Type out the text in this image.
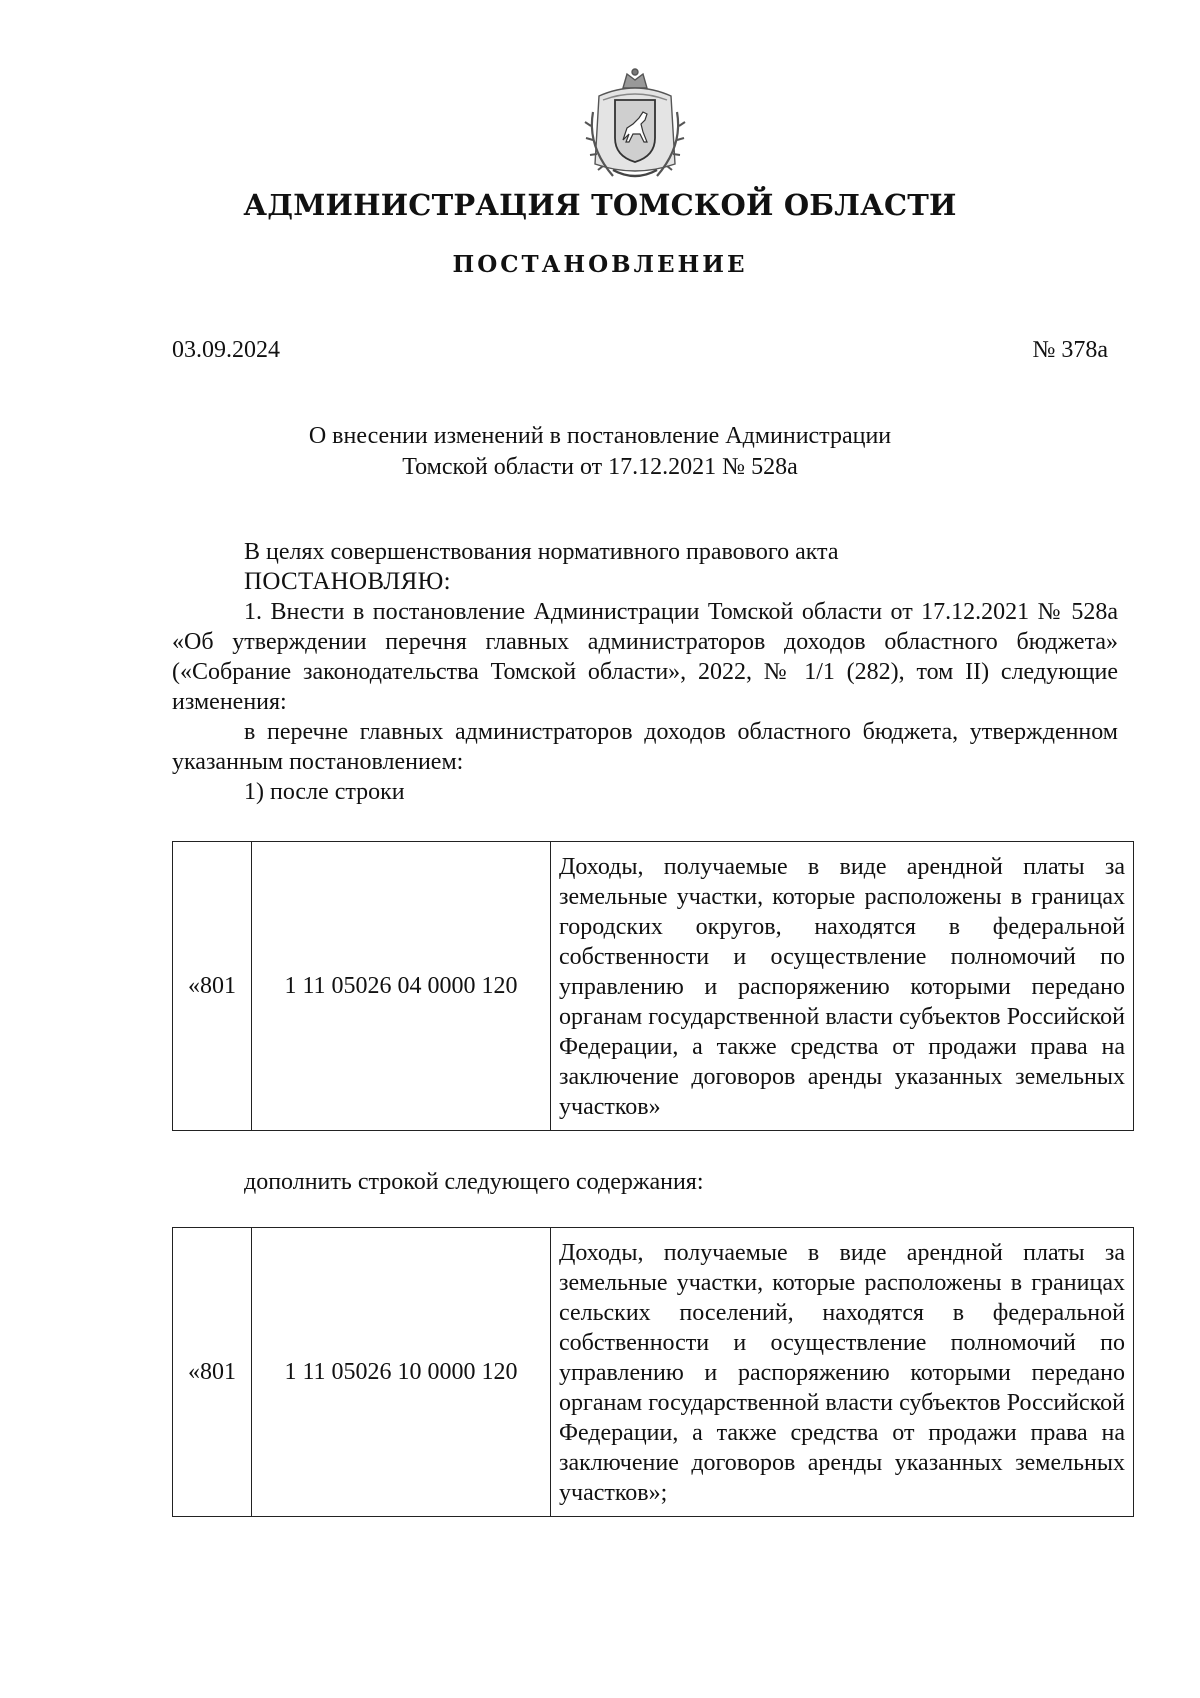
АДМИНИСТРАЦИЯ ТОМСКОЙ ОБЛАСТИ
ПОСТАНОВЛЕНИЕ
03.09.2024	№ 378а
О внесении изменений в постановление Администрации
Томской области от 17.12.2021 № 528а

В целях совершенствования нормативного правового акта

ПОСТАНОВЛЯЮ:

1. Внести в постановление Администрации Томской области от 17.12.2021 № 528а «Об утверждении перечня главных администраторов доходов областного бюджета» («Собрание законодательства Томской области», 2022, № 1/1 (282), том II) следующие изменения:

в перечне главных администраторов доходов областного бюджета, утвержденном указанным постановлением:

1) после строки

«801	1 11 05026 04 0000 120	Доходы, получаемые в виде арендной платы за земельные участки, которые расположены в границах городских округов, находятся в федеральной собственности и осуществление полномочий по управлению и распоряжению которыми передано органам государственной власти субъектов Российской Федерации, а также средства от продажи права на заключение договоров аренды указанных земельных участков»
дополнить строкой следующего содержания:
«801	1 11 05026 10 0000 120	Доходы, получаемые в виде арендной платы за земельные участки, которые расположены в границах сельских поселений, находятся в федеральной собственности и осуществление полномочий по управлению и распоряжению которыми передано органам государственной власти субъектов Российской Федерации, а также средства от продажи права на заключение договоров аренды указанных земельных участков»;
